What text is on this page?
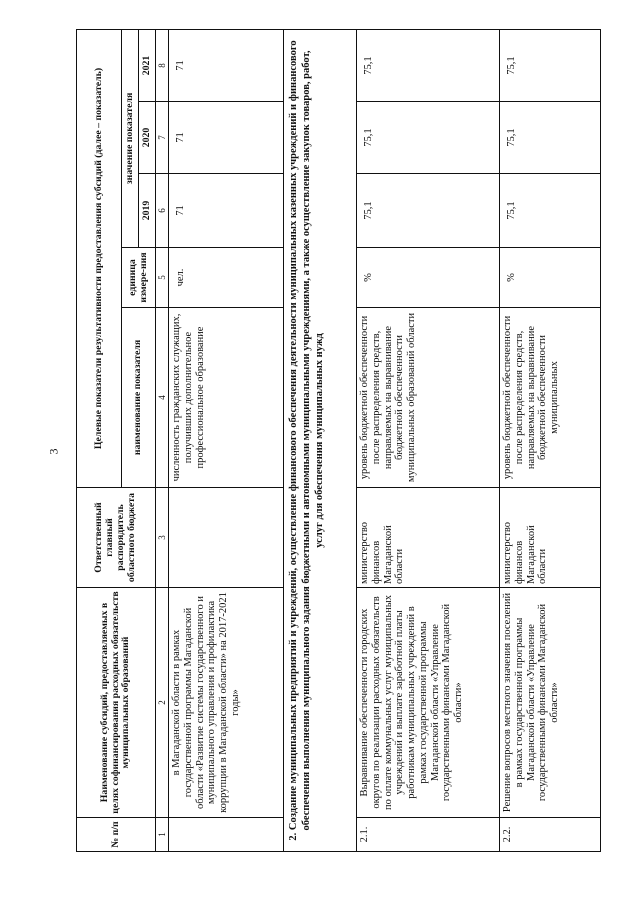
3
№ п/п	Наименование субсидий, предоставляемых в целях софинансирования расходных обязательств муниципальных образований	Ответственный главный распорядитель областного бюджета	Целевые показатели результативности предоставления субсидий (далее – показатель)				
			наименование показателя	единица измере-ния	значение показателя		
					2019	2020	2021
1	2	3	4	5	6	7	8
	в Магаданской области в рамках государственной программы Магаданской области «Развитие системы государственного и муниципального управления и профилактика коррупции в Магаданской области» на 2017-2021 годы»		численность гражданских служащих, получивших дополнительное профессиональное образование	чел.	71	71	71
2. Создание муниципальных предприятий и учреждений, осуществление финансового обеспечения деятельности муниципальных казенных учреждений и финансового обеспечения выполнения муниципального задания бюджетными и автономными муниципальными учреждениями, а также осуществление закупок товаров, работ, услуг для обеспечения муниципальных нужд							
2.1.	Выравнивание обеспеченности городских округов по реализации расходных обязательств по оплате коммунальных услуг муниципальных учреждений и выплате заработной платы работникам муниципальных учреждений в рамках государственной программы Магаданской области «Управление государственными финансами Магаданской области»	министерство финансов Магаданской области	уровень бюджетной обеспеченности после распределения средств, направляемых на выравнивание бюджетной обеспеченности муниципальных образований области	%	75,1	75,1	75,1
2.2.	Решение вопросов местного значения поселений в рамках государственной программы Магаданской области «Управление государственными финансами Магаданской области»	министерство финансов Магаданской области	уровень бюджетной обеспеченности после распределения средств, направляемых на выравнивание бюджетной обеспеченности муниципальных	%	75,1	75,1	75,1
